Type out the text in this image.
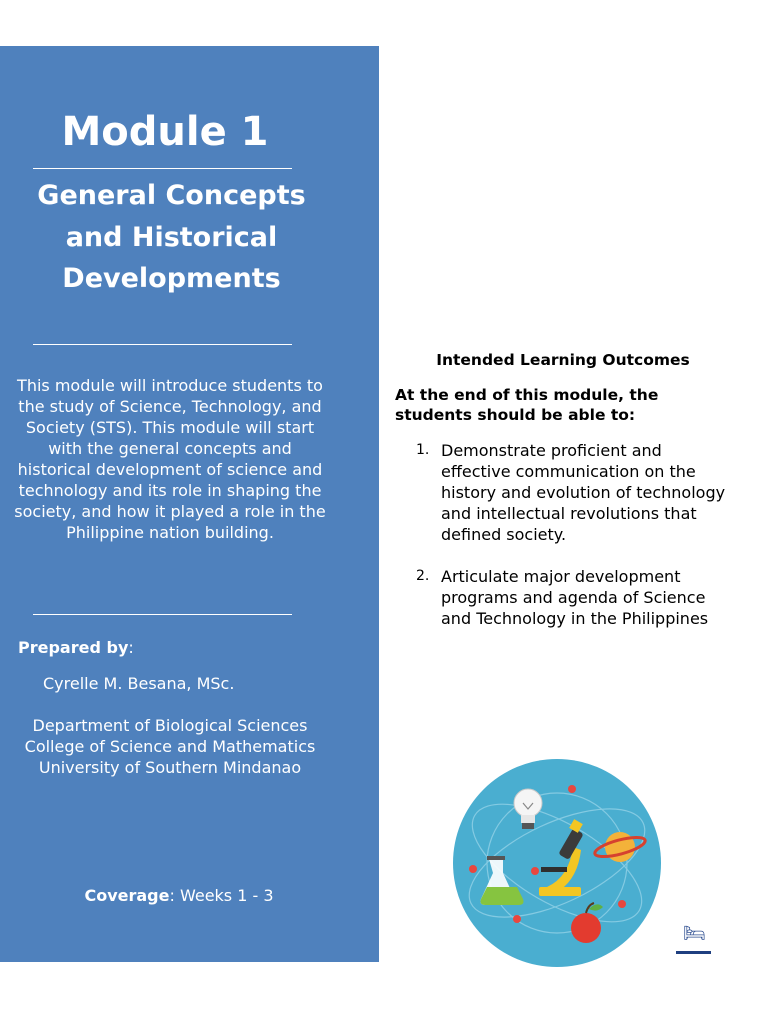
Module 1
General Concepts and Historical Developments

This module will introduce students to the study of Science, Technology, and Society (STS). This module will start with the general concepts and historical development of science and technology and its role in shaping the society, and how it played a role in the Philippine nation building.

Prepared by:
Cyrelle M. Besana, MSc.

Department of Biological Sciences
College of Science and Mathematics
University of Southern Mindanao

Coverage: Weeks 1 - 3
Intended Learning Outcomes

At the end of this module, the students should be able to:

1. Demonstrate proficient and effective communication on the history and evolution of technology and intellectual revolutions that defined society.
2. Articulate major development programs and agenda of Science and Technology in the Philippines
🛏
